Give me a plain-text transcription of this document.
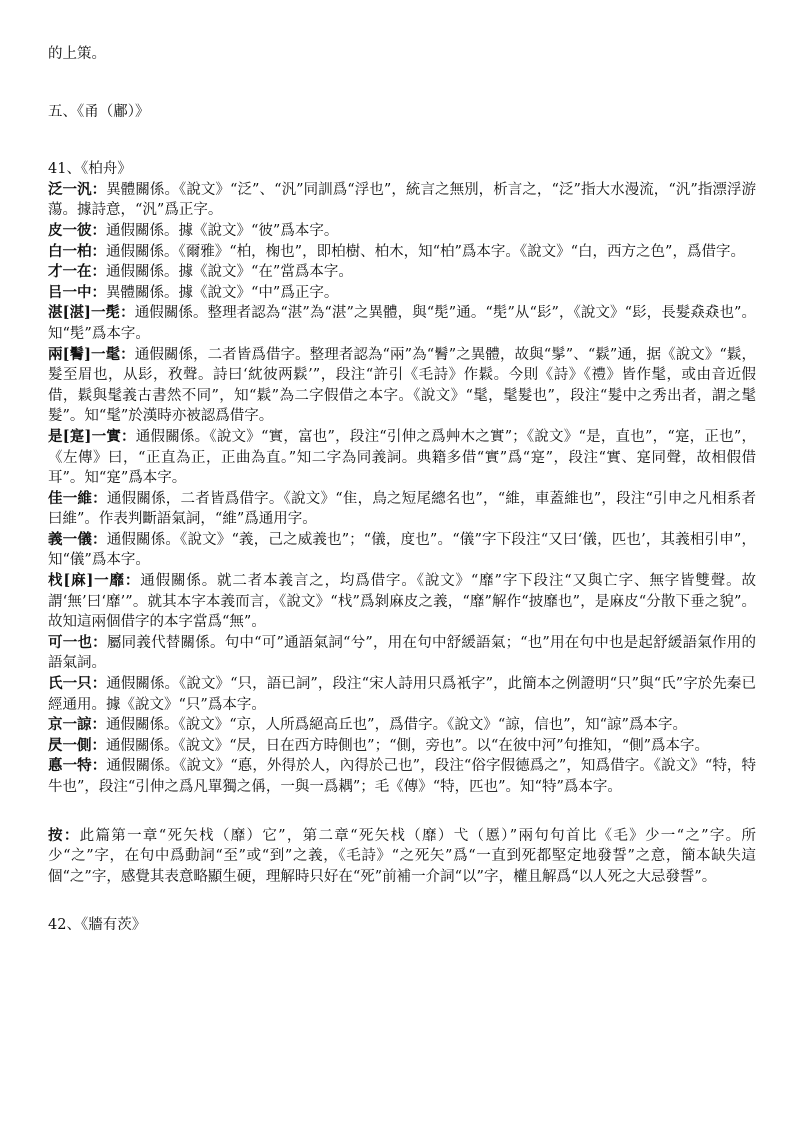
的上策。

五、《甬（鄘）》

41、《柏舟》

泛一汎：異體關係。《說文》“泛”、“汎”同訓爲“浮也”，統言之無別，析言之，“泛”指大水漫流，“汎”指漂浮游蕩。據詩意，“汎”爲正字。

皮一彼：通假關係。據《說文》“彼”爲本字。

白一柏：通假關係。《爾雅》“柏，椈也”，即柏樹、柏木，知“柏”爲本字。《說文》“白，西方之色”，爲借字。

才一在：通假關係。據《說文》“在”當爲本字。

㠯一中：異體關係。據《說文》“中”爲正字。

湛[湛]一髧：通假關係。整理者認為“湛”為“湛”之異體，與“髧”通。“髧”从“髟”，《說文》“髟，長髮猋猋也”。知“髧”爲本字。

兩[鬌]一髦：通假關係，二者皆爲借字。整理者認為“兩”為“鬌”之異體，故與“髳”、“鬏”通，据《說文》“鬏，髮至眉也，从髟，敄聲。詩曰‘紞彼两鬏’”，段注“許引《毛詩》作鬏。今則《詩》《禮》皆作髦，或由音近假借，鬏與髦義古書然不同”，知“鬏”為二字假借之本字。《說文》“髦，髦髮也”，段注“髮中之秀出者，謂之髦髮”。知“髦”於漢時亦被認爲借字。

是[寔]一實：通假關係。《說文》“實，富也”，段注“引伸之爲艸木之實”；《說文》“是，直也”，“寔，正也”，《左傳》曰，“正直為正，正曲為直。”知二字為同義詞。典籍多借“實”爲“寔”，段注“實、寔同聲，故相假借耳”。知“寔”爲本字。

佳一維：通假關係，二者皆爲借字。《說文》“隹，鳥之短尾總名也”，“維，車蓋維也”，段注“引申之凡相系者曰維”。作表判斷語氣詞，“維”爲通用字。

義一儀：通假關係。《說文》“義，己之威義也”；“儀，度也”。“儀”字下段注“又曰‘儀，匹也’，其義相引申”，知“儀”爲本字。

𣏾[麻]一靡：通假關係。就二者本義言之，均爲借字。《說文》“靡”字下段注“又與亡字、無字皆雙聲。故謂‘無’曰‘靡’”。就其本字本義而言，《說文》“𣏾”爲剝麻皮之義，“靡”解作“披靡也”，是麻皮“分散下垂之貌”。故知這兩個借字的本字當爲“無”。

可一也：屬同義代替關係。句中“可”通語氣詞“兮”，用在句中舒緩語氣；“也”用在句中也是起舒緩語氣作用的語氣詞。

氏一只：通假關係。《說文》“只，語已詞”，段注“宋人詩用只爲衹字”，此簡本之例證明“只”與“氏”字於先秦已經通用。據《說文》“只”爲本字。

京一諒：通假關係。《說文》“京，人所爲絕高丘也”，爲借字。《說文》“諒，信也”，知“諒”爲本字。

昃一側：通假關係。《說文》“昃，日在西方時側也”；“側，旁也”。以“在彼中河”句推知，“側”爲本字。

悳一特：通假關係。《說文》“悳，外得於人，內得於己也”，段注“俗字假德爲之”，知爲借字。《說文》“特，特牛也”，段注“引伸之爲凡單獨之偁，一與一爲耦”；毛《傳》“特，匹也”。知“特”爲本字。

按：此篇第一章“死矢𣏾（靡）它”，第二章“死矢𣏾（靡）弋（慝）”兩句句首比《毛》少一“之”字。所少“之”字，在句中爲動詞“至”或“到”之義，《毛詩》“之死矢”爲“一直到死都堅定地發誓”之意，簡本缺失這個“之”字，感覺其表意略顯生硬，理解時只好在“死”前補一介詞“以”字，權且解爲“以人死之大忌發誓”。

42、《牆有茨》
